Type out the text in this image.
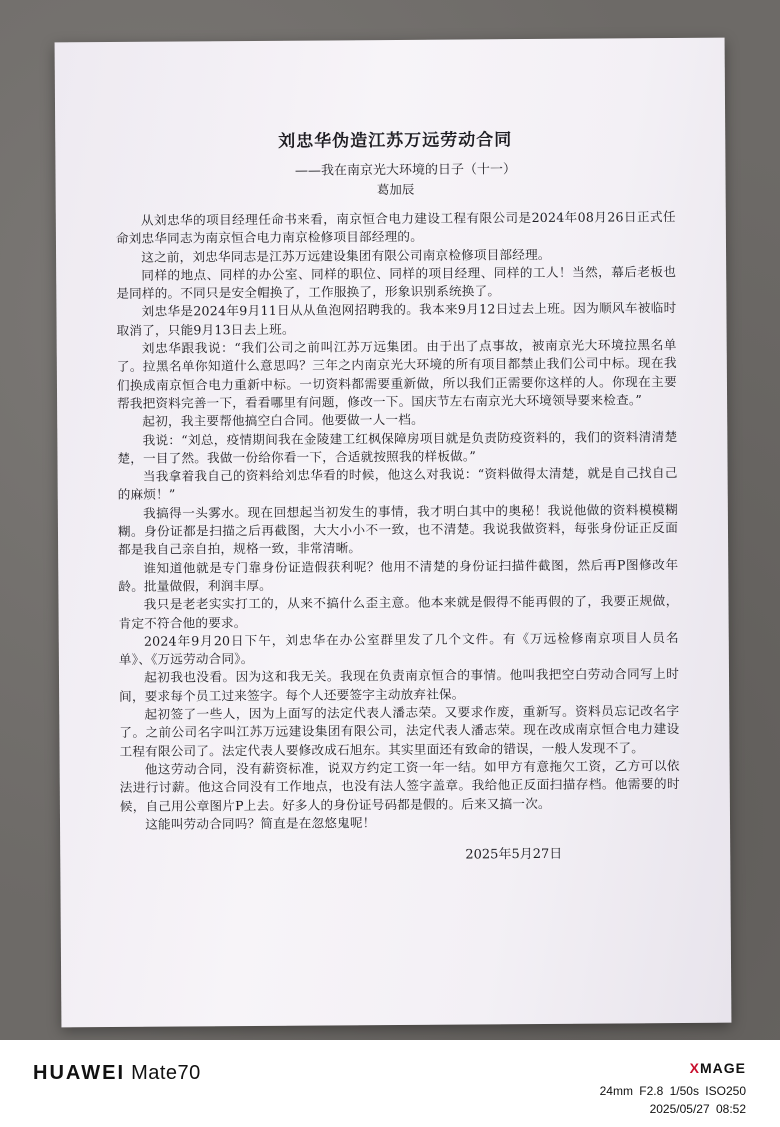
刘忠华伪造江苏万远劳动合同
——我在南京光大环境的日子（十一）
葛加辰

从刘忠华的项目经理任命书来看，南京恒合电力建设工程有限公司是2024年08月26日正式任命刘忠华同志为南京恒合电力南京检修项目部经理的。

这之前，刘忠华同志是江苏万远建设集团有限公司南京检修项目部经理。

同样的地点、同样的办公室、同样的职位、同样的项目经理、同样的工人！当然，幕后老板也是同样的。不同只是安全帽换了，工作服换了，形象识别系统换了。

刘忠华是2024年9月11日从从鱼泡网招聘我的。我本来9月12日过去上班。因为顺风车被临时取消了，只能9月13日去上班。

刘忠华跟我说：“我们公司之前叫江苏万远集团。由于出了点事故，被南京光大环境拉黑名单了。拉黑名单你知道什么意思吗？三年之内南京光大环境的所有项目都禁止我们公司中标。现在我们换成南京恒合电力重新中标。一切资料都需要重新做，所以我们正需要你这样的人。你现在主要帮我把资料完善一下，看看哪里有问题，修改一下。国庆节左右南京光大环境领导要来检查。”

起初，我主要帮他搞空白合同。他要做一人一档。

我说：“刘总，疫情期间我在金陵建工红枫保障房项目就是负责防疫资料的，我们的资料清清楚楚，一目了然。我做一份给你看一下，合适就按照我的样板做。”

当我拿着我自己的资料给刘忠华看的时候，他这么对我说：“资料做得太清楚，就是自己找自己的麻烦！”

我搞得一头雾水。现在回想起当初发生的事情，我才明白其中的奥秘！我说他做的资料模模糊糊。身份证都是扫描之后再截图，大大小小不一致，也不清楚。我说我做资料，每张身份证正反面都是我自己亲自拍，规格一致，非常清晰。

谁知道他就是专门靠身份证造假获利呢？他用不清楚的身份证扫描件截图，然后再P图修改年龄。批量做假，利润丰厚。

我只是老老实实打工的，从来不搞什么歪主意。他本来就是假得不能再假的了，我要正规做，肯定不符合他的要求。

2024年9月20日下午，刘忠华在办公室群里发了几个文件。有《万远检修南京项目人员名单》、《万远劳动合同》。

起初我也没看。因为这和我无关。我现在负责南京恒合的事情。他叫我把空白劳动合同写上时间，要求每个员工过来签字。每个人还要签字主动放弃社保。

起初签了一些人，因为上面写的法定代表人潘志荣。又要求作废，重新写。资料员忘记改名字了。之前公司名字叫江苏万远建设集团有限公司，法定代表人潘志荣。现在改成南京恒合电力建设工程有限公司了。法定代表人要修改成石旭东。其实里面还有致命的错误，一般人发现不了。

他这劳动合同，没有薪资标准，说双方约定工资一年一结。如甲方有意拖欠工资，乙方可以依法进行讨薪。他这合同没有工作地点，也没有法人签字盖章。我给他正反面扫描存档。他需要的时候，自己用公章图片P上去。好多人的身份证号码都是假的。后来又搞一次。

这能叫劳动合同吗？简直是在忽悠鬼呢！

2025年5月27日
HUAWEI Mate70	XMAGE
24mm F2.8 1/50s ISO250
2025/05/27 08:52
